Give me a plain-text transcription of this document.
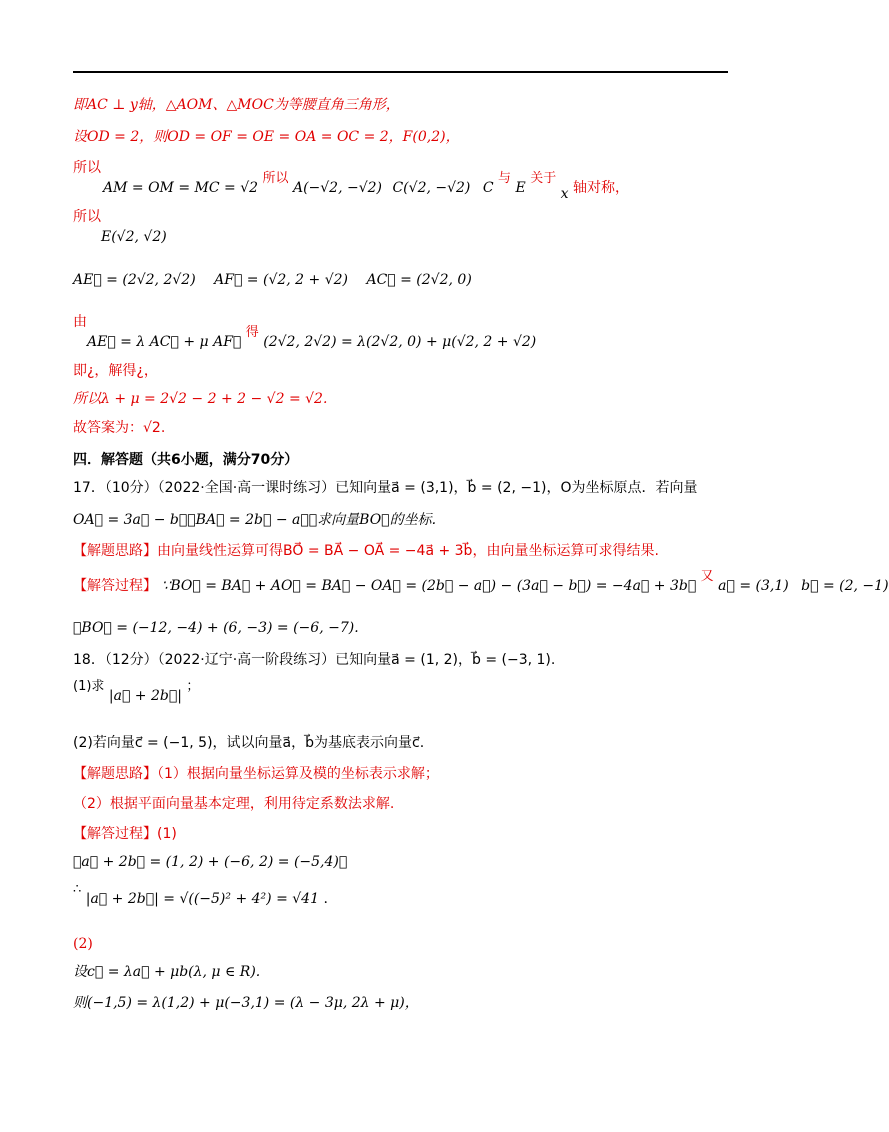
即AC ⊥ y轴，△AOM、△MOC为等腰直角三角形，
设OD = 2，则OD = OF = OE = OA = OC = 2，F(0,2)，
所以
AM = OM = MC = √2 所以 A(−√2, −√2) C(√2, −√2) C 与 E 关于 x 轴对称，
所以
E(√2, √2)
AE⃗ = (2√2, 2√2) AF⃗ = (√2, 2 + √2) AC⃗ = (2√2, 0)
由
AE⃗ = λ AC⃗ + μ AF⃗ 得 (2√2, 2√2) = λ(2√2, 0) + μ(√2, 2 + √2)
即¿，解得¿，
所以λ + μ = 2√2 − 2 + 2 − √2 = √2.
故答案为：√2.
四．解答题（共6小题，满分70分）
17．（10分）（2022·全国·高一课时练习）已知向量a⃗ = (3,1)，b⃗ = (2, −1)，O为坐标原点．若向量
OA⃗ = 3a⃗ − b⃗，BA⃗ = 2b⃗ − a⃗，求向量BO⃗的坐标.
【解题思路】由向量线性运算可得BO⃗ = BA⃗ − OA⃗ = −4a⃗ + 3b⃗，由向量坐标运算可求得结果.
【解答过程】 ∵BO⃗ = BA⃗ + AO⃗ = BA⃗ − OA⃗ = (2b⃗ − a⃗) − (3a⃗ − b⃗) = −4a⃗ + 3b⃗ 又 a⃗ = (3,1) b⃗ = (2, −1)
∴BO⃗ = (−12, −4) + (6, −3) = (−6, −7).
18．（12分）（2022·辽宁·高一阶段练习）已知向量a⃗ = (1, 2)，b⃗ = (−3, 1).
(1)求 |a⃗ + 2b⃗| ；
(2)若向量c⃗ = (−1, 5)，试以向量a⃗，b⃗为基底表示向量c⃗.
【解题思路】（1）根据向量坐标运算及模的坐标表示求解；
（2）根据平面向量基本定理，利用待定系数法求解.
【解答过程】(1)
∵a⃗ + 2b⃗ = (1, 2) + (−6, 2) = (−5,4)，
∴ |a⃗ + 2b⃗| = √((−5)² + 4²) = √41 .
(2)
设c⃗ = λa⃗ + μb(λ, μ ∈ R).
则(−1,5) = λ(1,2) + μ(−3,1) = (λ − 3μ, 2λ + μ)，
